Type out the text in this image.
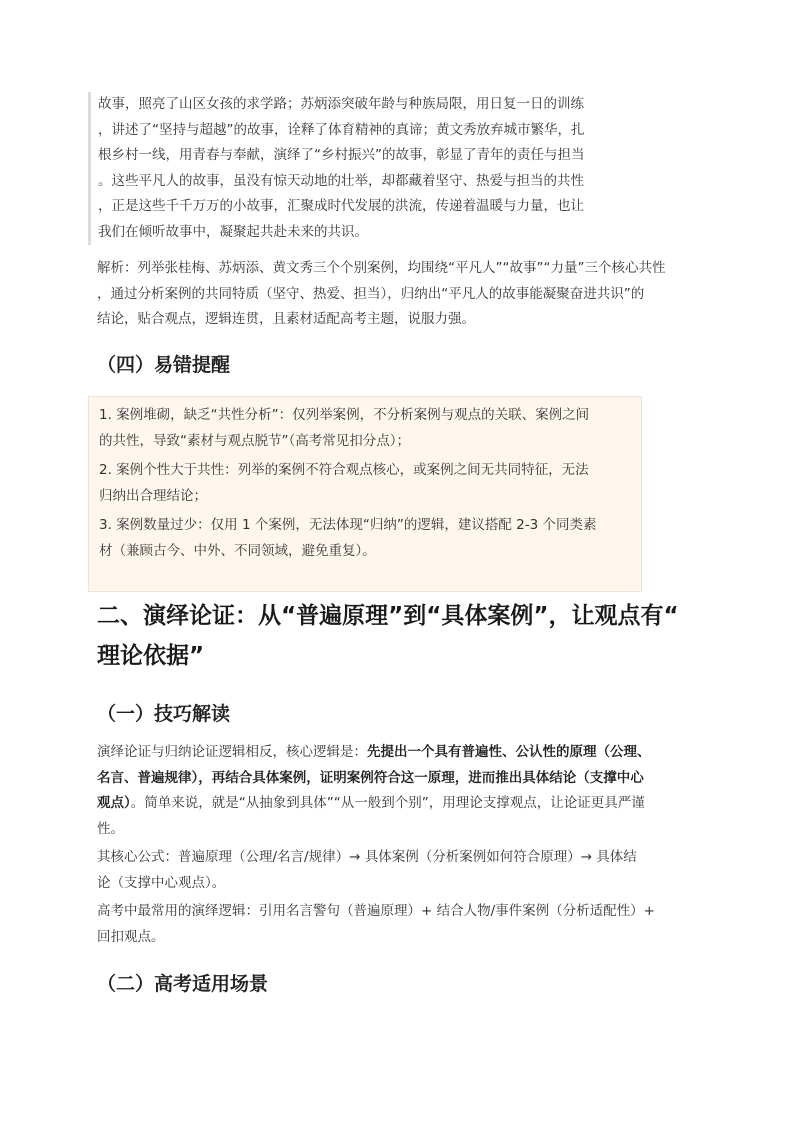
故事，照亮了山区女孩的求学路；苏炳添突破年龄与种族局限，用日复一日的训练
，讲述了“坚持与超越”的故事，诠释了体育精神的真谛；黄文秀放弃城市繁华，扎
根乡村一线，用青春与奉献，演绎了“乡村振兴”的故事，彰显了青年的责任与担当
。这些平凡人的故事，虽没有惊天动地的壮举，却都藏着坚守、热爱与担当的共性
，正是这些千千万万的小故事，汇聚成时代发展的洪流，传递着温暖与力量，也让
我们在倾听故事中，凝聚起共赴未来的共识。
解析：列举张桂梅、苏炳添、黄文秀三个个别案例，均围绕“平凡人”“故事”“力量”三个核心共性
，通过分析案例的共同特质（坚守、热爱、担当），归纳出“平凡人的故事能凝聚奋进共识”的
结论，贴合观点，逻辑连贯，且素材适配高考主题，说服力强。
（四）易错提醒

1. 案例堆砌，缺乏“共性分析”：仅列举案例，不分析案例与观点的关联、案例之间
的共性，导致“素材与观点脱节”（高考常见扣分点）；

2. 案例个性大于共性：列举的案例不符合观点核心，或案例之间无共同特征，无法
归纳出合理结论；

3. 案例数量过少：仅用 1 个案例，无法体现“归纳”的逻辑，建议搭配 2-3 个同类素
材（兼顾古今、中外、不同领域，避免重复）。

二、演绎论证：从“普遍原理”到“具体案例”，让观点有“
理论依据”
（一）技巧解读
演绎论证与归纳论证逻辑相反，核心逻辑是：先提出一个具有普遍性、公认性的原理（公理、
名言、普遍规律），再结合具体案例，证明案例符合这一原理，进而推出具体结论（支撑中心
观点）。简单来说，就是“从抽象到具体”“从一般到个别”，用理论支撑观点，让论证更具严谨
性。
其核心公式：普遍原理（公理/名言/规律）→ 具体案例（分析案例如何符合原理）→ 具体结
论（支撑中心观点）。
高考中最常用的演绎逻辑：引用名言警句（普遍原理）+ 结合人物/事件案例（分析适配性）+
回扣观点。
（二）高考适用场景
